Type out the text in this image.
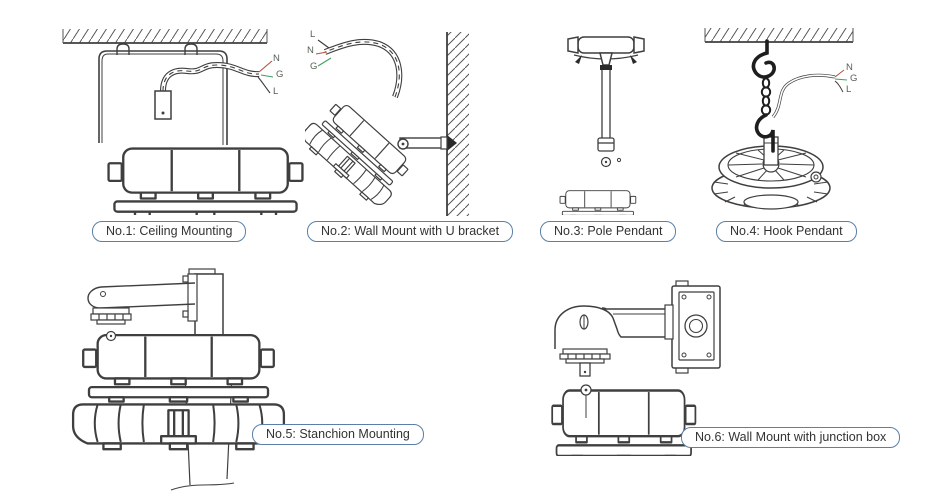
N
G
L
L
N
G	N
G
L
No.1: Ceiling Mounting	No.2: Wall Mount with U bracket	No.3: Pole Pendant	No.4: Hook Pendant
No.5: Stanchion Mounting	No.6: Wall Mount with junction box
